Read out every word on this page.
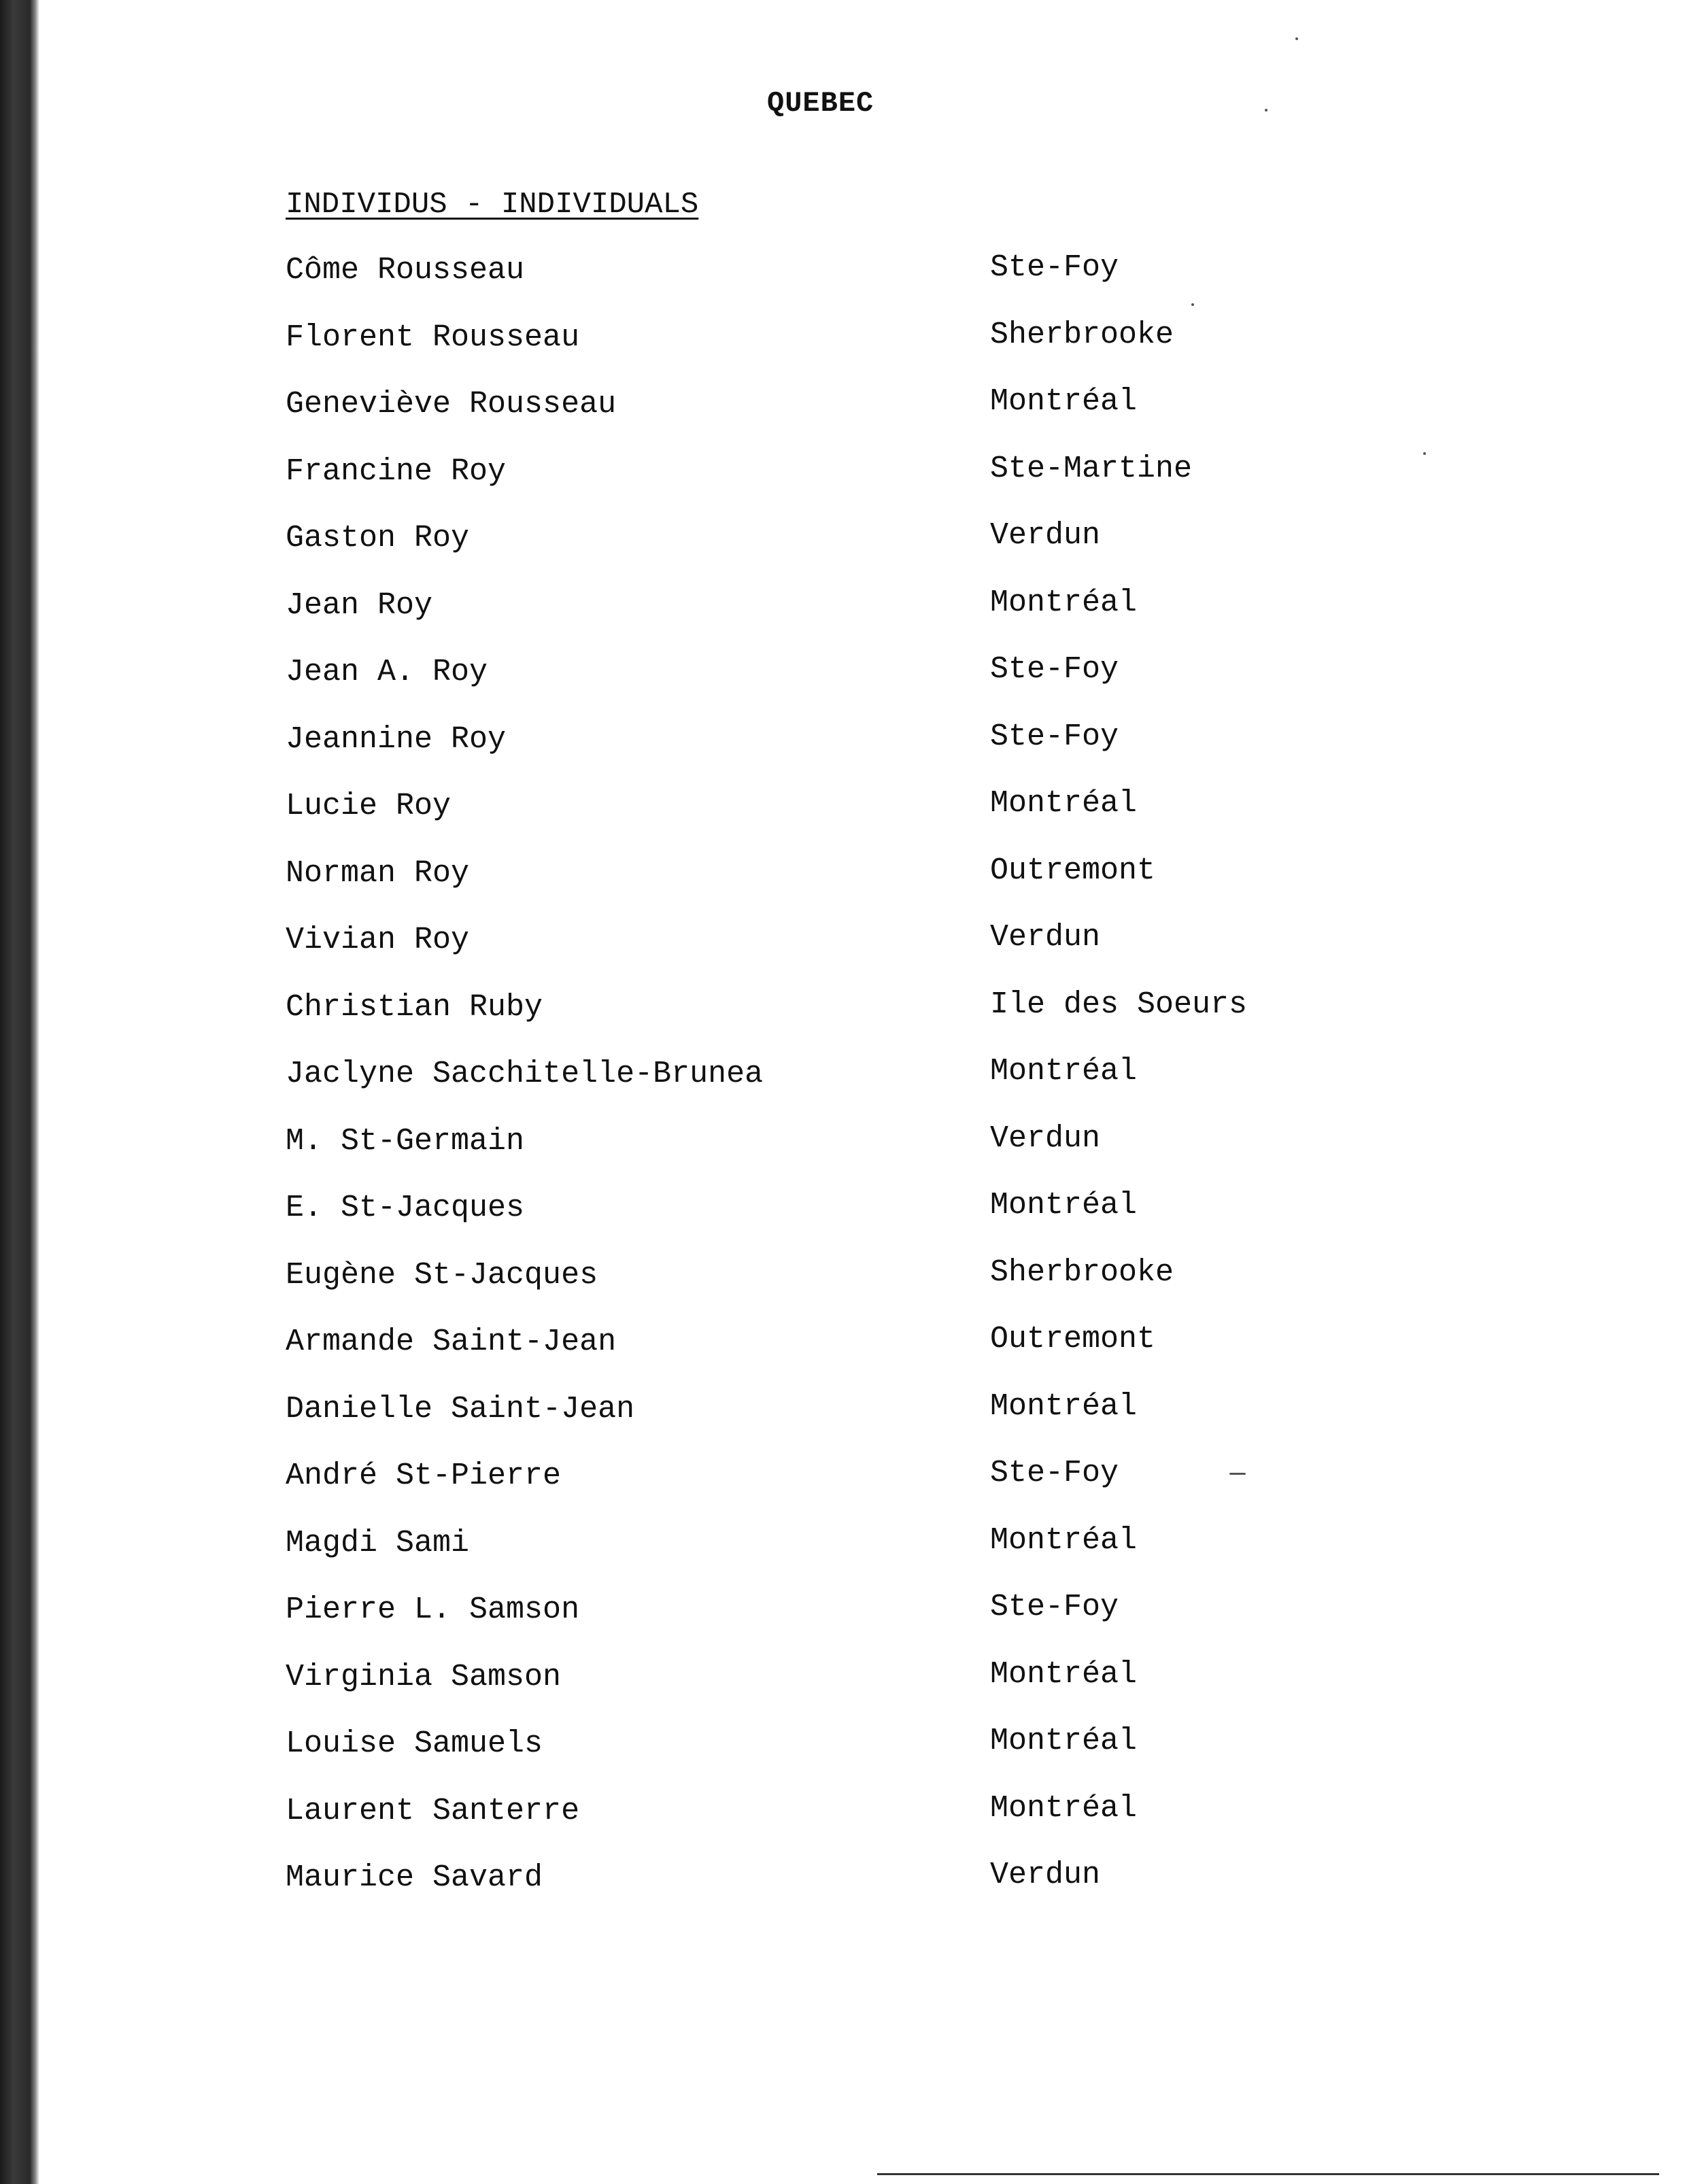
QUEBEC
INDIVIDUS - INDIVIDUALS
Côme Rousseau	Ste-Foy
Florent Rousseau	Sherbrooke
Geneviève Rousseau	Montréal
Francine Roy	Ste-Martine
Gaston Roy	Verdun
Jean Roy	Montréal
Jean A. Roy	Ste-Foy
Jeannine Roy	Ste-Foy
Lucie Roy	Montréal
Norman Roy	Outremont
Vivian Roy	Verdun
Christian Ruby	Ile des Soeurs
Jaclyne Sacchitelle-Brunea	Montréal
M. St-Germain	Verdun
E. St-Jacques	Montréal
Eugène St-Jacques	Sherbrooke
Armande Saint-Jean	Outremont
Danielle Saint-Jean	Montréal
André St-Pierre	Ste-Foy
Magdi Sami	Montréal
Pierre L. Samson	Ste-Foy
Virginia Samson	Montréal
Louise Samuels	Montréal
Laurent Santerre	Montréal
Maurice Savard	Verdun
